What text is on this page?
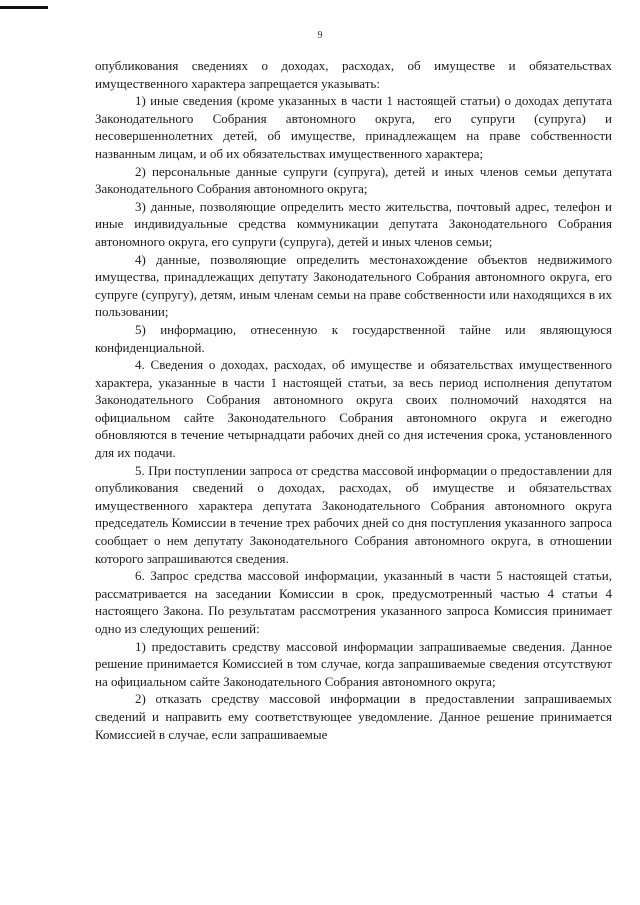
9

опубликования сведениях о доходах, расходах, об имуществе и обязательствах имущественного характера запрещается указывать:

1) иные сведения (кроме указанных в части 1 настоящей статьи) о доходах депутата Законодательного Собрания автономного округа, его супруги (супруга) и несовершеннолетних детей, об имуществе, принадлежащем на праве собственности названным лицам, и об их обязательствах имущественного характера;

2) персональные данные супруги (супруга), детей и иных членов семьи депутата Законодательного Собрания автономного округа;

3) данные, позволяющие определить место жительства, почтовый адрес, телефон и иные индивидуальные средства коммуникации депутата Законодательного Собрания автономного округа, его супруги (супруга), детей и иных членов семьи;

4) данные, позволяющие определить местонахождение объектов недвижимого имущества, принадлежащих депутату Законодательного Собрания автономного округа, его супруге (супругу), детям, иным членам семьи на праве собственности или находящихся в их пользовании;

5) информацию, отнесенную к государственной тайне или являющуюся конфиденциальной.

4. Сведения о доходах, расходах, об имуществе и обязательствах имущественного характера, указанные в части 1 настоящей статьи, за весь период исполнения депутатом Законодательного Собрания автономного округа своих полномочий находятся на официальном сайте Законодательного Собрания автономного округа и ежегодно обновляются в течение четырнадцати рабочих дней со дня истечения срока, установленного для их подачи.

5. При поступлении запроса от средства массовой информации о предоставлении для опубликования сведений о доходах, расходах, об имуществе и обязательствах имущественного характера депутата Законодательного Собрания автономного округа председатель Комиссии в течение трех рабочих дней со дня поступления указанного запроса сообщает о нем депутату Законодательного Собрания автономного округа, в отношении которого запрашиваются сведения.

6. Запрос средства массовой информации, указанный в части 5 настоящей статьи, рассматривается на заседании Комиссии в срок, предусмотренный частью 4 статьи 4 настоящего Закона. По результатам рассмотрения указанного запроса Комиссия принимает одно из следующих решений:

1) предоставить средству массовой информации запрашиваемые сведения. Данное решение принимается Комиссией в том случае, когда запрашиваемые сведения отсутствуют на официальном сайте Законодательного Собрания автономного округа;

2) отказать средству массовой информации в предоставлении запрашиваемых сведений и направить ему соответствующее уведомление. Данное решение принимается Комиссией в случае, если запрашиваемые
